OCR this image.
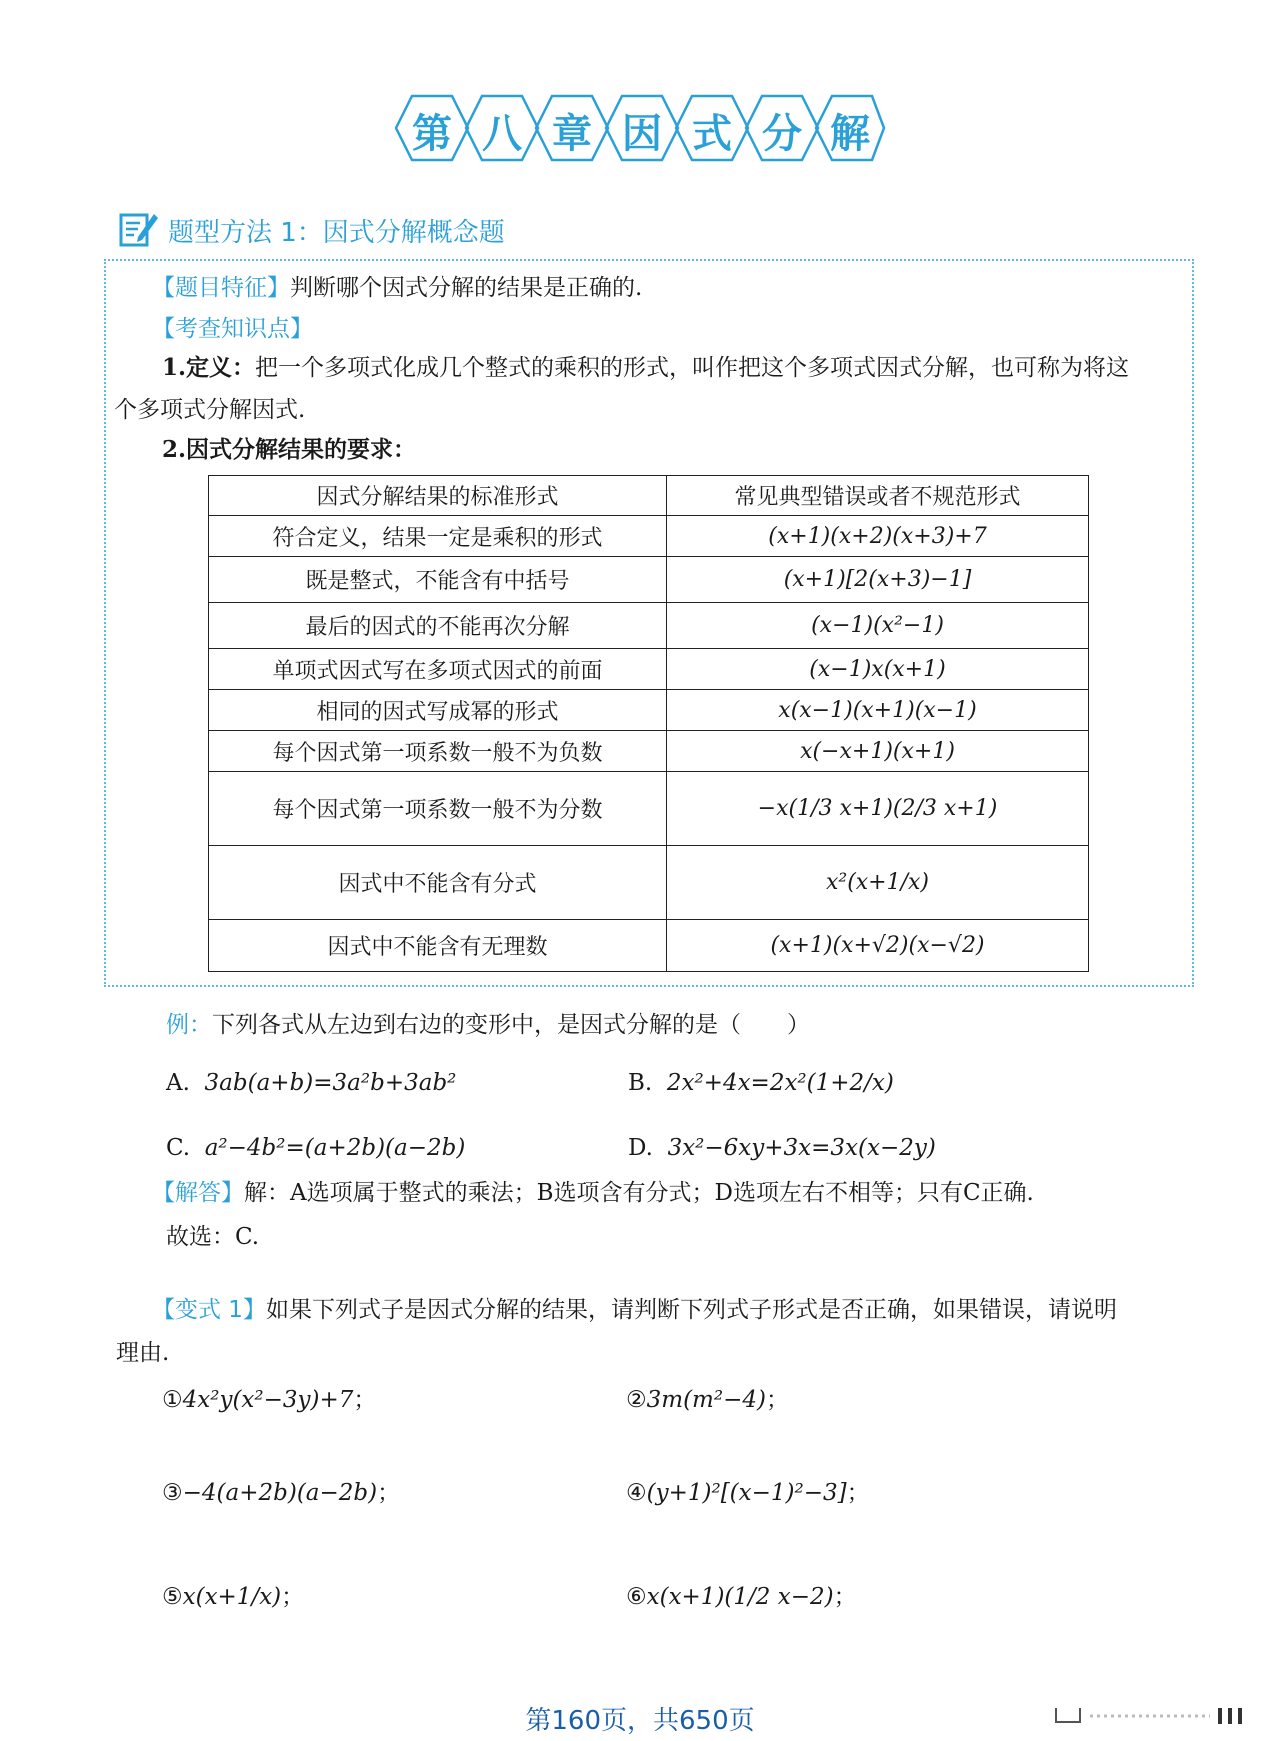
第 八 章 因 式 分 解
题型方法 1：因式分解概念题
【题目特征】判断哪个因式分解的结果是正确的.
【考查知识点】
1.定义：把一个多项式化成几个整式的乘积的形式，叫作把这个多项式因式分解，也可称为将这
个多项式分解因式.
2.因式分解结果的要求：
因式分解结果的标准形式	常见典型错误或者不规范形式
符合定义，结果一定是乘积的形式	(x+1)(x+2)(x+3)+7
既是整式，不能含有中括号	(x+1)[2(x+3)−1]
最后的因式的不能再次分解	(x−1)(x²−1)
单项式因式写在多项式因式的前面	(x−1)x(x+1)
相同的因式写成幂的形式	x(x−1)(x+1)(x−1)
每个因式第一项系数一般不为负数	x(−x+1)(x+1)
每个因式第一项系数一般不为分数	−x(1/3 x+1)(2/3 x+1)
因式中不能含有分式	x²(x+1/x)
因式中不能含有无理数	(x+1)(x+√2)(x−√2)
例：下列各式从左边到右边的变形中，是因式分解的是（　　）
A. 3ab(a+b)=3a²b+3ab²	B. 2x²+4x=2x²(1+2/x)
C. a²−4b²=(a+2b)(a−2b)	D. 3x²−6xy+3x=3x(x−2y)
【解答】解：A选项属于整式的乘法；B选项含有分式；D选项左右不相等；只有C正确.
故选：C.
【变式 1】如果下列式子是因式分解的结果，请判断下列式子形式是否正确，如果错误，请说明
理由.
①4x²y(x²−3y)+7；	②3m(m²−4)；
③−4(a+2b)(a−2b)；	④(y+1)²[(x−1)²−3]；
⑤x(x+1/x)；	⑥x(x+1)(1/2 x−2)；
第160页，共650页
